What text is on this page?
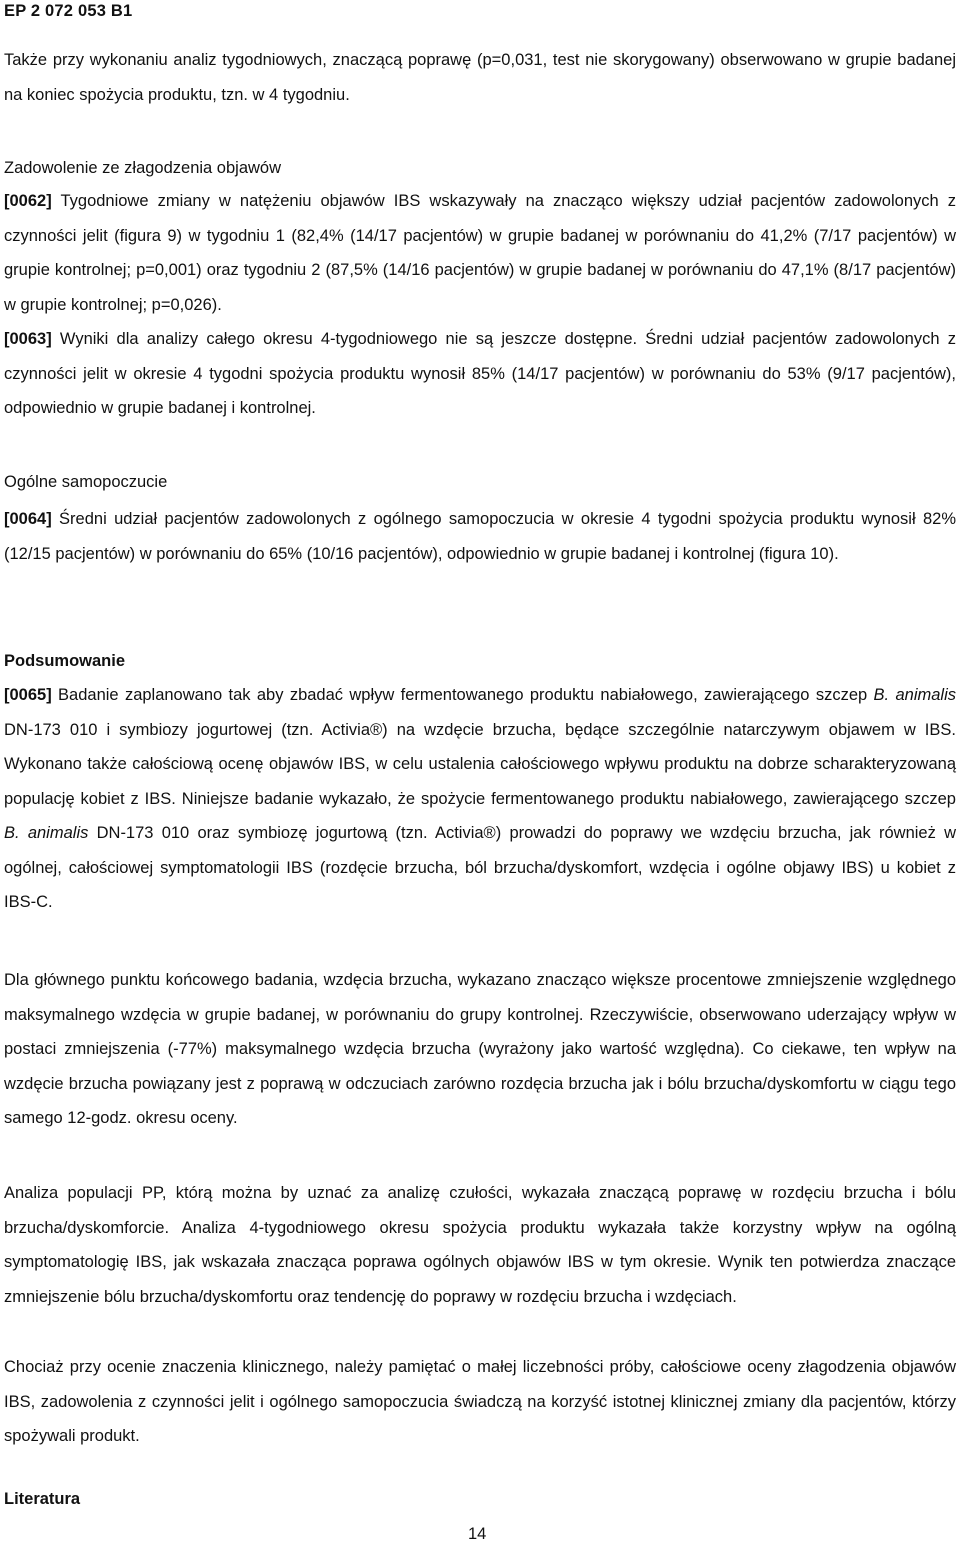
EP 2 072 053 B1

Także przy wykonaniu analiz tygodniowych, znaczącą poprawę (p=0,031, test nie skorygowany) obserwowano w grupie badanej na koniec spożycia produktu, tzn. w 4 tygodniu.

Zadowolenie ze złagodzenia objawów

[0062] Tygodniowe zmiany w natężeniu objawów IBS wskazywały na znacząco większy udział pacjentów zadowolonych z czynności jelit (figura 9) w tygodniu 1 (82,4% (14/17 pacjentów) w grupie badanej w porównaniu do 41,2% (7/17 pacjentów) w grupie kontrolnej; p=0,001) oraz tygodniu 2 (87,5% (14/16 pacjentów) w grupie badanej w porównaniu do 47,1% (8/17 pacjentów) w grupie kontrolnej; p=0,026).

[0063] Wyniki dla analizy całego okresu 4-tygodniowego nie są jeszcze dostępne. Średni udział pacjentów zadowolonych z czynności jelit w okresie 4 tygodni spożycia produktu wynosił 85% (14/17 pacjentów) w porównaniu do 53% (9/17 pacjentów), odpowiednio w grupie badanej i kontrolnej.

Ogólne samopoczucie

[0064] Średni udział pacjentów zadowolonych z ogólnego samopoczucia w okresie 4 tygodni spożycia produktu wynosił 82% (12/15 pacjentów) w porównaniu do 65% (10/16 pacjentów), odpowiednio w grupie badanej i kontrolnej (figura 10).

Podsumowanie

[0065] Badanie zaplanowano tak aby zbadać wpływ fermentowanego produktu nabiałowego, zawierającego szczep B. animalis DN-173 010 i symbiozy jogurtowej (tzn. Activia®) na wzdęcie brzucha, będące szczególnie natarczywym objawem w IBS. Wykonano także całościową ocenę objawów IBS, w celu ustalenia całościowego wpływu produktu na dobrze scharakteryzowaną populację kobiet z IBS. Niniejsze badanie wykazało, że spożycie fermentowanego produktu nabiałowego, zawierającego szczep B. animalis DN-173 010 oraz symbiozę jogurtową (tzn. Activia®) prowadzi do poprawy we wzdęciu brzucha, jak również w ogólnej, całościowej symptomatologii IBS (rozdęcie brzucha, ból brzucha/dyskomfort, wzdęcia i ogólne objawy IBS) u kobiet z IBS-C.

Dla głównego punktu końcowego badania, wzdęcia brzucha, wykazano znacząco większe procentowe zmniejszenie względnego maksymalnego wzdęcia w grupie badanej, w porównaniu do grupy kontrolnej. Rzeczywiście, obserwowano uderzający wpływ w postaci zmniejszenia (-77%) maksymalnego wzdęcia brzucha (wyrażony jako wartość względna). Co ciekawe, ten wpływ na wzdęcie brzucha powiązany jest z poprawą w odczuciach zarówno rozdęcia brzucha jak i bólu brzucha/dyskomfortu w ciągu tego samego 12-godz. okresu oceny.

Analiza populacji PP, którą można by uznać za analizę czułości, wykazała znaczącą poprawę w rozdęciu brzucha i bólu brzucha/dyskomforcie. Analiza 4-tygodniowego okresu spożycia produktu wykazała także korzystny wpływ na ogólną symptomatologię IBS, jak wskazała znacząca poprawa ogólnych objawów IBS w tym okresie. Wynik ten potwierdza znaczące zmniejszenie bólu brzucha/dyskomfortu oraz tendencję do poprawy w rozdęciu brzucha i wzdęciach.

Chociaż przy ocenie znaczenia klinicznego, należy pamiętać o małej liczebności próby, całościowe oceny złagodzenia objawów IBS, zadowolenia z czynności jelit i ogólnego samopoczucia świadczą na korzyść istotnej klinicznej zmiany dla pacjentów, którzy spożywali produkt.

Literatura
14
